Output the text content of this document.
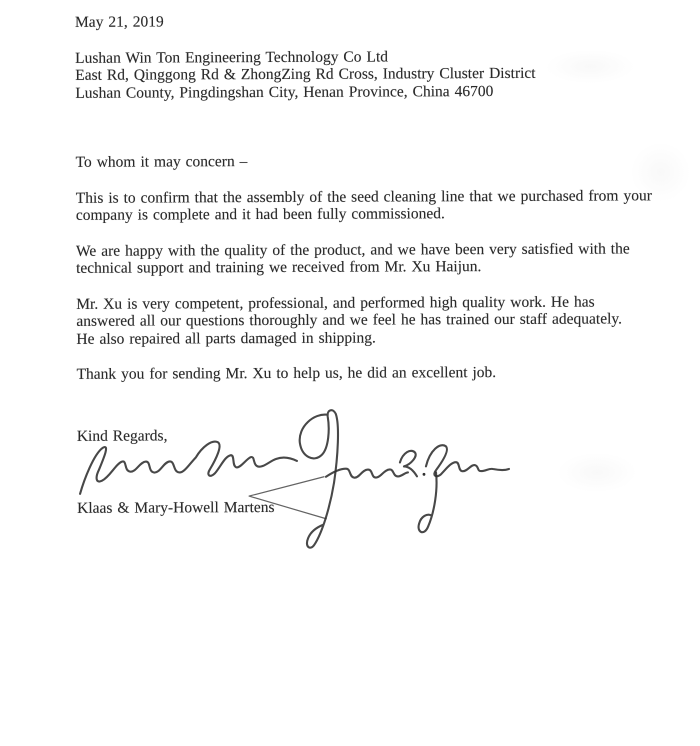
May 21, 2019
Lushan Win Ton Engineering Technology Co Ltd
East Rd, Qinggong Rd & ZhongZing Rd Cross, Industry Cluster District
Lushan County, Pingdingshan City, Henan Province, China 46700
To whom it may concern –

This is to confirm that the assembly of the seed cleaning line that we purchased from your
company is complete and it had been fully commissioned.

We are happy with the quality of the product, and we have been very satisfied with the
technical support and training we received from Mr. Xu Haijun.

Mr. Xu is very competent, professional, and performed high quality work. He has
answered all our questions thoroughly and we feel he has trained our staff adequately.
He also repaired all parts damaged in shipping.

Thank you for sending Mr. Xu to help us, he did an excellent job.

Kind Regards,
Klaas & Mary-Howell Martens
